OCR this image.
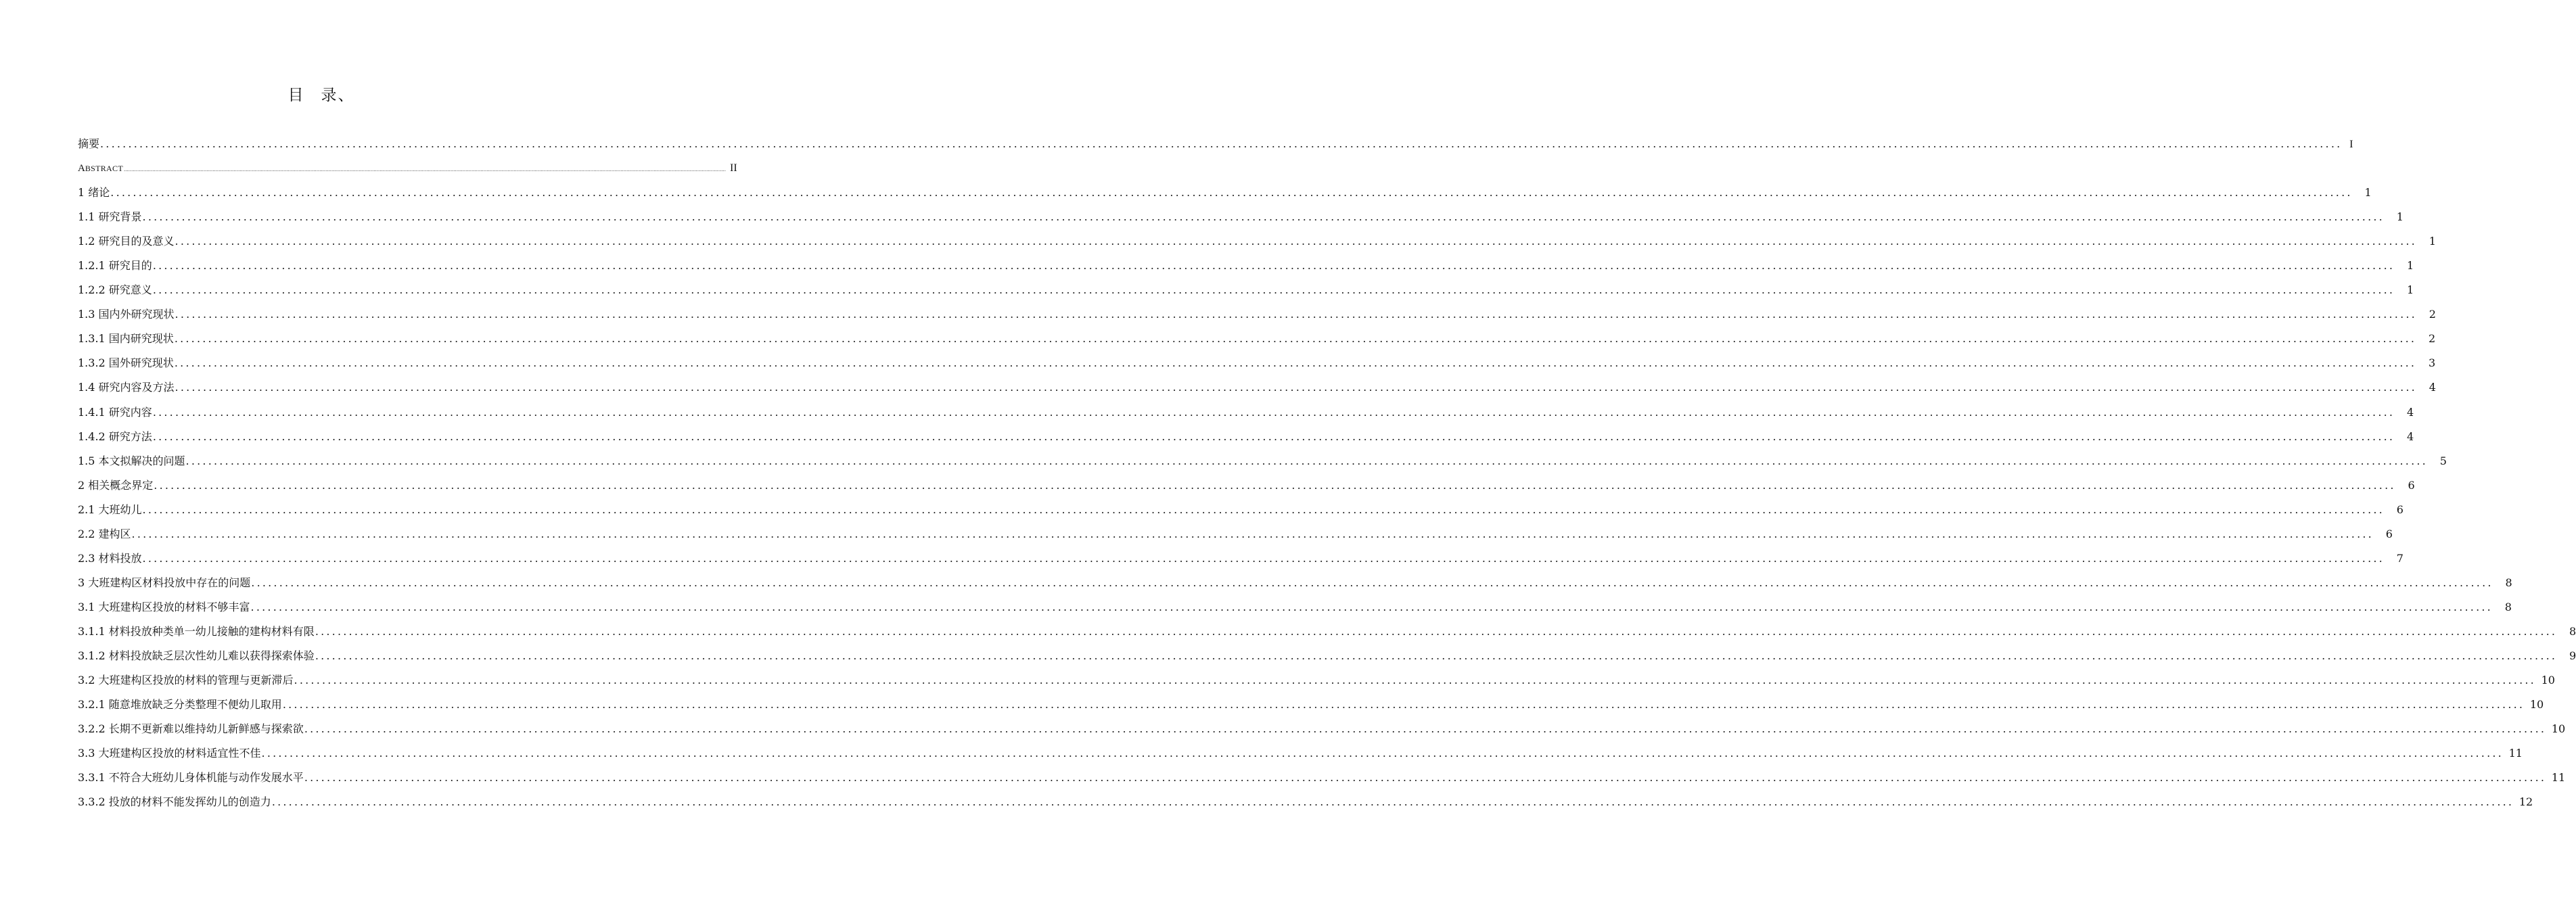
目 录、
摘要 ................................................................................................................................................................................................................................................................................................................................................................................................................ I
ABSTRACT ................................................................................................................................................................................................................................................................................................................................................................................................................ II
1 绪论 ................................................................................................................................................................................................................................................................................................................................................................................................................	1
1.1 研究背景 ................................................................................................................................................................................................................................................................................................................................................................................................................	1
1.2 研究目的及意义 ................................................................................................................................................................................................................................................................................................................................................................................................................	1
1.2.1 研究目的 ................................................................................................................................................................................................................................................................................................................................................................................................................	1
1.2.2 研究意义 ................................................................................................................................................................................................................................................................................................................................................................................................................	1
1.3 国内外研究现状 ................................................................................................................................................................................................................................................................................................................................................................................................................	2
1.3.1 国内研究现状 ................................................................................................................................................................................................................................................................................................................................................................................................................	2
1.3.2 国外研究现状 ................................................................................................................................................................................................................................................................................................................................................................................................................	3
1.4 研究内容及方法 ................................................................................................................................................................................................................................................................................................................................................................................................................	4
1.4.1 研究内容 ................................................................................................................................................................................................................................................................................................................................................................................................................	4
1.4.2 研究方法 ................................................................................................................................................................................................................................................................................................................................................................................................................	4
1.5 本文拟解决的问题 ................................................................................................................................................................................................................................................................................................................................................................................................................	5
2 相关概念界定 ................................................................................................................................................................................................................................................................................................................................................................................................................	6
2.1 大班幼儿 ................................................................................................................................................................................................................................................................................................................................................................................................................	6
2.2 建构区 ................................................................................................................................................................................................................................................................................................................................................................................................................	6
2.3 材料投放 ................................................................................................................................................................................................................................................................................................................................................................................................................	7
3 大班建构区材料投放中存在的问题 ................................................................................................................................................................................................................................................................................................................................................................................................................	8
3.1 大班建构区投放的材料不够丰富 ................................................................................................................................................................................................................................................................................................................................................................................................................	8
3.1.1 材料投放种类单一幼儿接触的建构材料有限 ................................................................................................................................................................................................................................................................................................................................................................................................................	8
3.1.2 材料投放缺乏层次性幼儿难以获得探索体验 ................................................................................................................................................................................................................................................................................................................................................................................................................	9
3.2 大班建构区投放的材料的管理与更新滞后 ................................................................................................................................................................................................................................................................................................................................................................................................................ 10
3.2.1 随意堆放缺乏分类整理不便幼儿取用 ................................................................................................................................................................................................................................................................................................................................................................................................................ 10
3.2.2 长期不更新难以维持幼儿新鲜感与探索欲 ................................................................................................................................................................................................................................................................................................................................................................................................................ 10
3.3 大班建构区投放的材料适宜性不佳 ................................................................................................................................................................................................................................................................................................................................................................................................................ 11
3.3.1 不符合大班幼儿身体机能与动作发展水平 ................................................................................................................................................................................................................................................................................................................................................................................................................ 11
3.3.2 投放的材料不能发挥幼儿的创造力 ................................................................................................................................................................................................................................................................................................................................................................................................................ 12
